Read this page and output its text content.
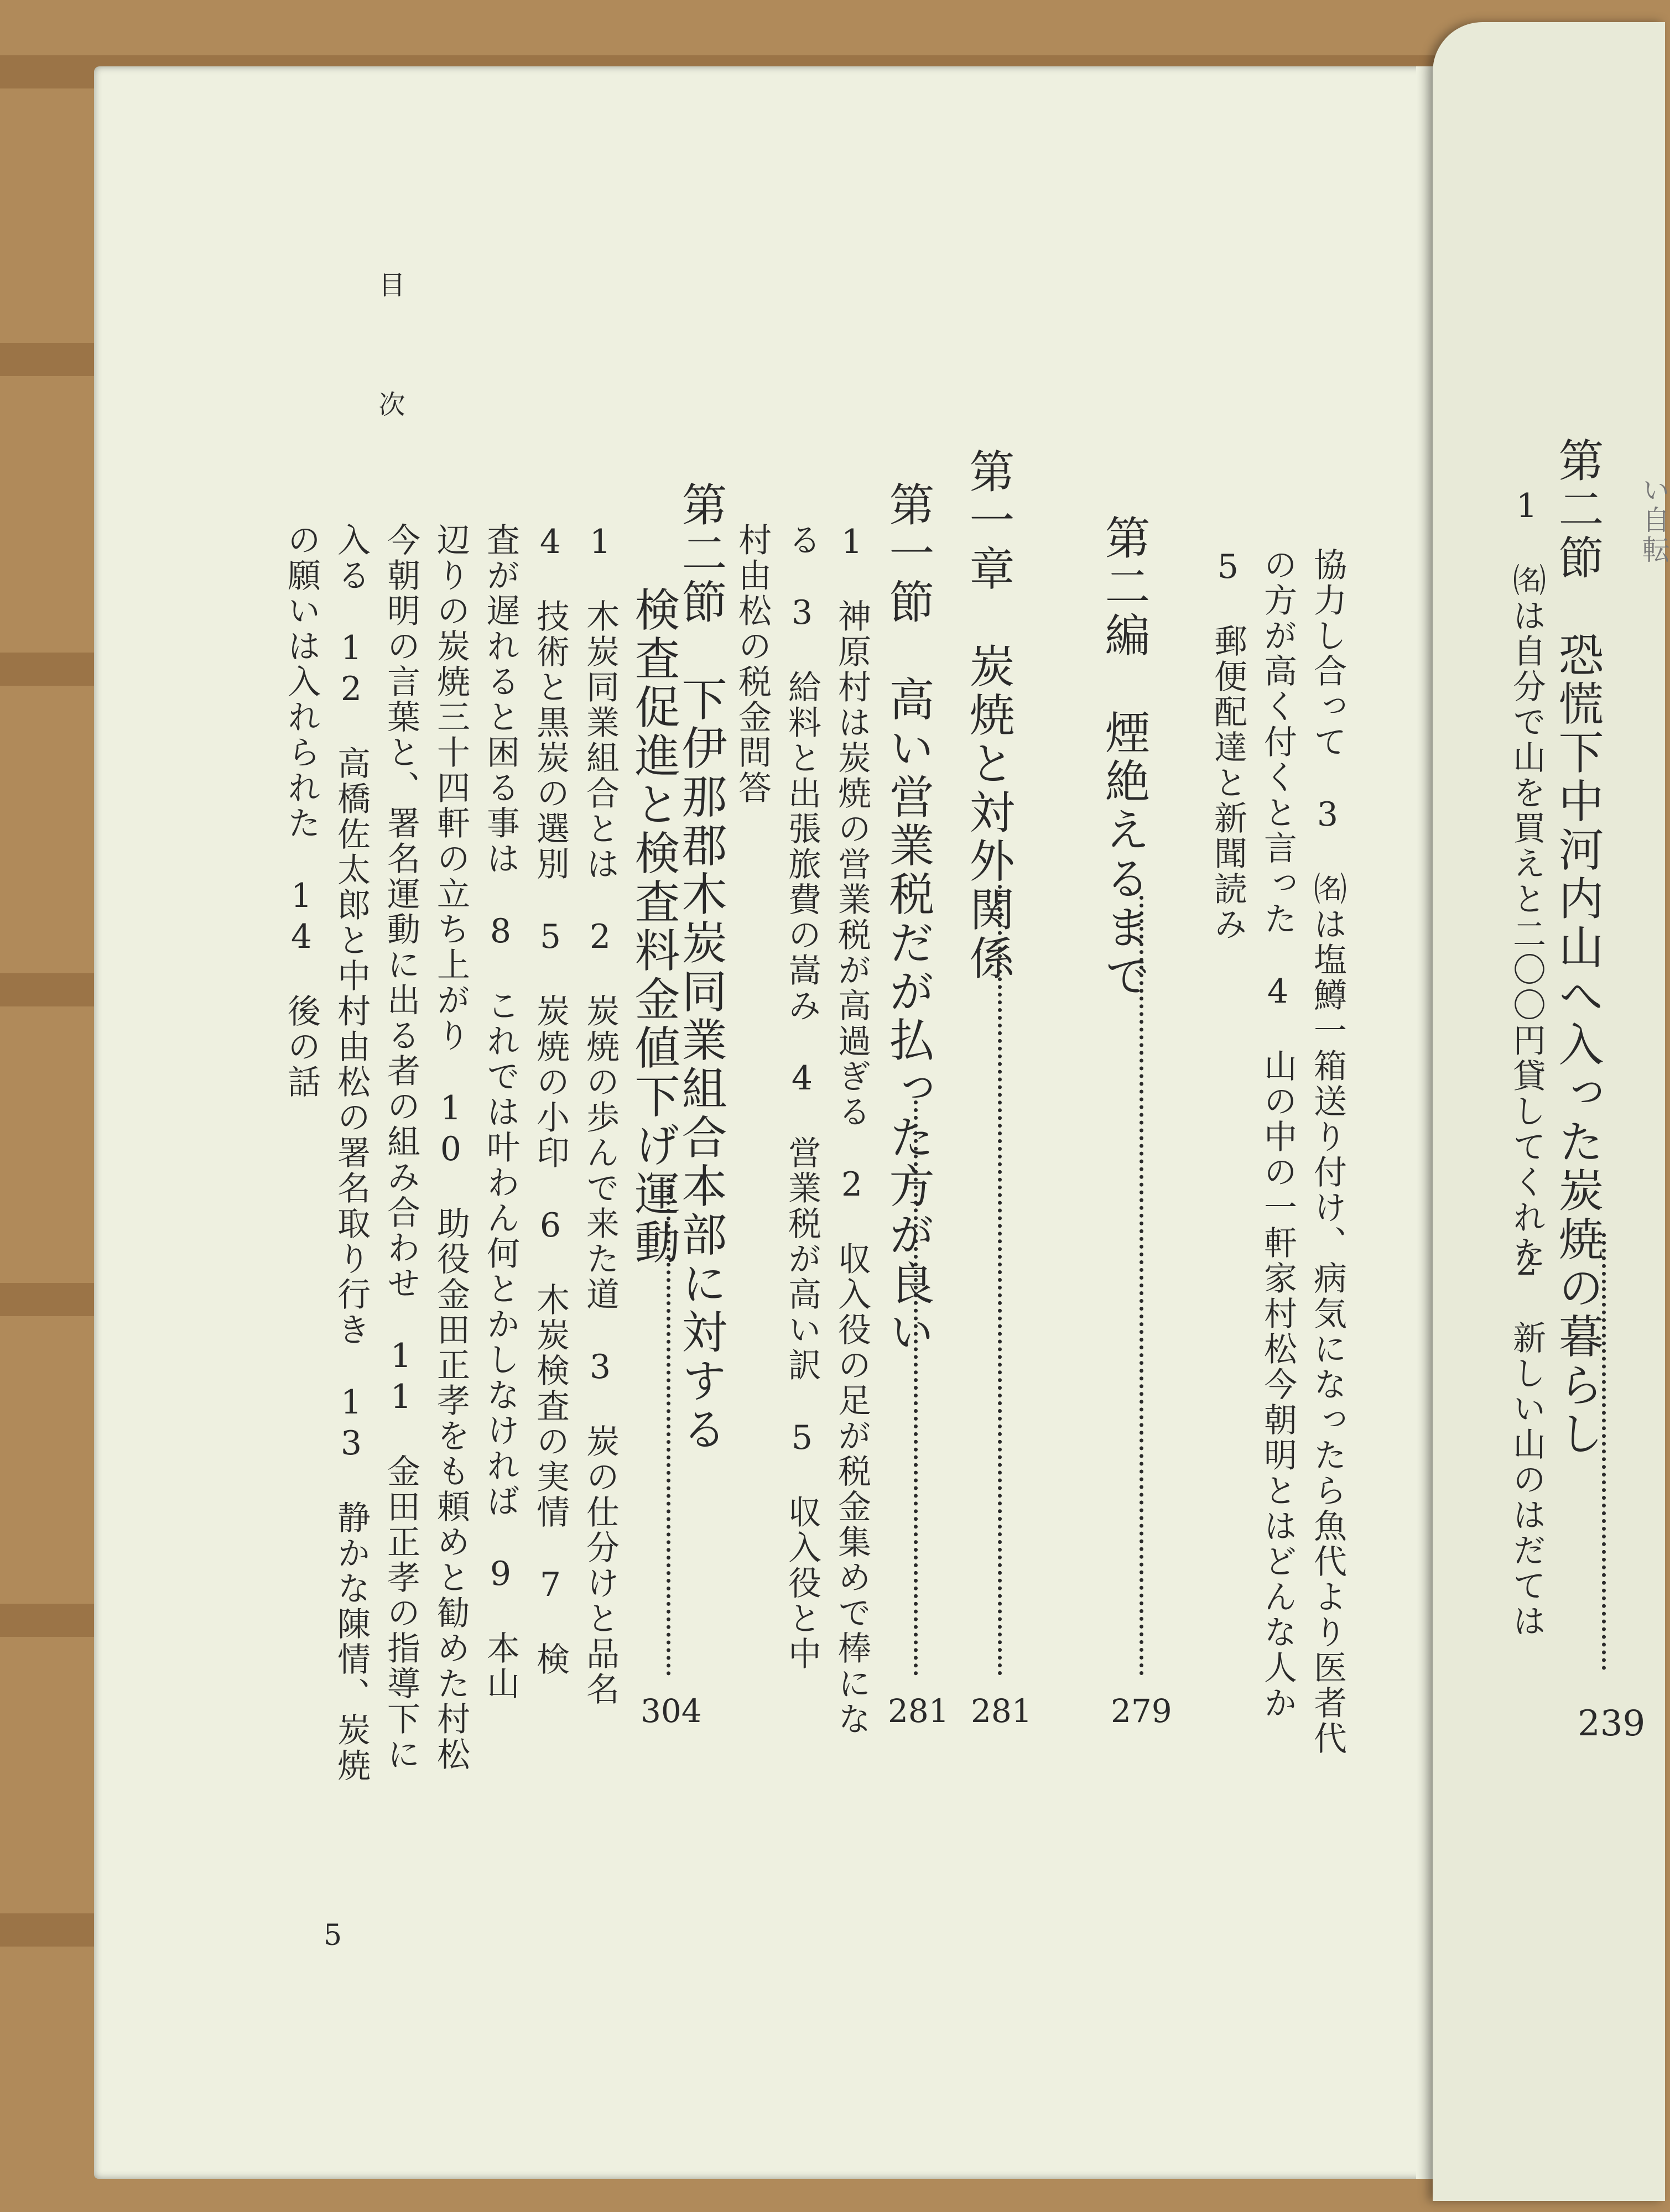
第二節　恐慌下中河内山へ入った炭焼の暮らし
239
1　㈴は自分で山を買えと二〇〇円貸してくれた
2　新しい山のはだては
い自転
目　次
協力し合って　3　㈴は塩鱒一箱送り付け、病気になったら魚代より医者代
の方が高く付くと言った　4　山の中の一軒家村松今朝明とはどんな人か
5　郵便配達と新聞読み
第二編　煙絶えるまで
279
第一章　炭焼と対外関係
281
第一節　高い営業税だが払った方が良い
281
1　神原村は炭焼の営業税が高過ぎる　2　収入役の足が税金集めで棒にな
る　3　給料と出張旅費の嵩み　4　営業税が高い訳　5　収入役と中
村由松の税金問答
第二節　下伊那郡木炭同業組合本部に対する
検査促進と検査料金値下げ運動
304
1　木炭同業組合とは　2　炭焼の歩んで来た道　3　炭の仕分けと品名
4　技術と黒炭の選別　5　炭焼の小印　6　木炭検査の実情　7　検
査が遅れると困る事は　8　これでは叶わん何とかしなければ　9　本山
辺りの炭焼三十四軒の立ち上がり　10　助役金田正孝をも頼めと勧めた村松
今朝明の言葉と、署名運動に出る者の組み合わせ　11　金田正孝の指導下に
入る　12　高橋佐太郎と中村由松の署名取り行き　13　静かな陳情、炭焼
の願いは入れられた　14　後の話
5
